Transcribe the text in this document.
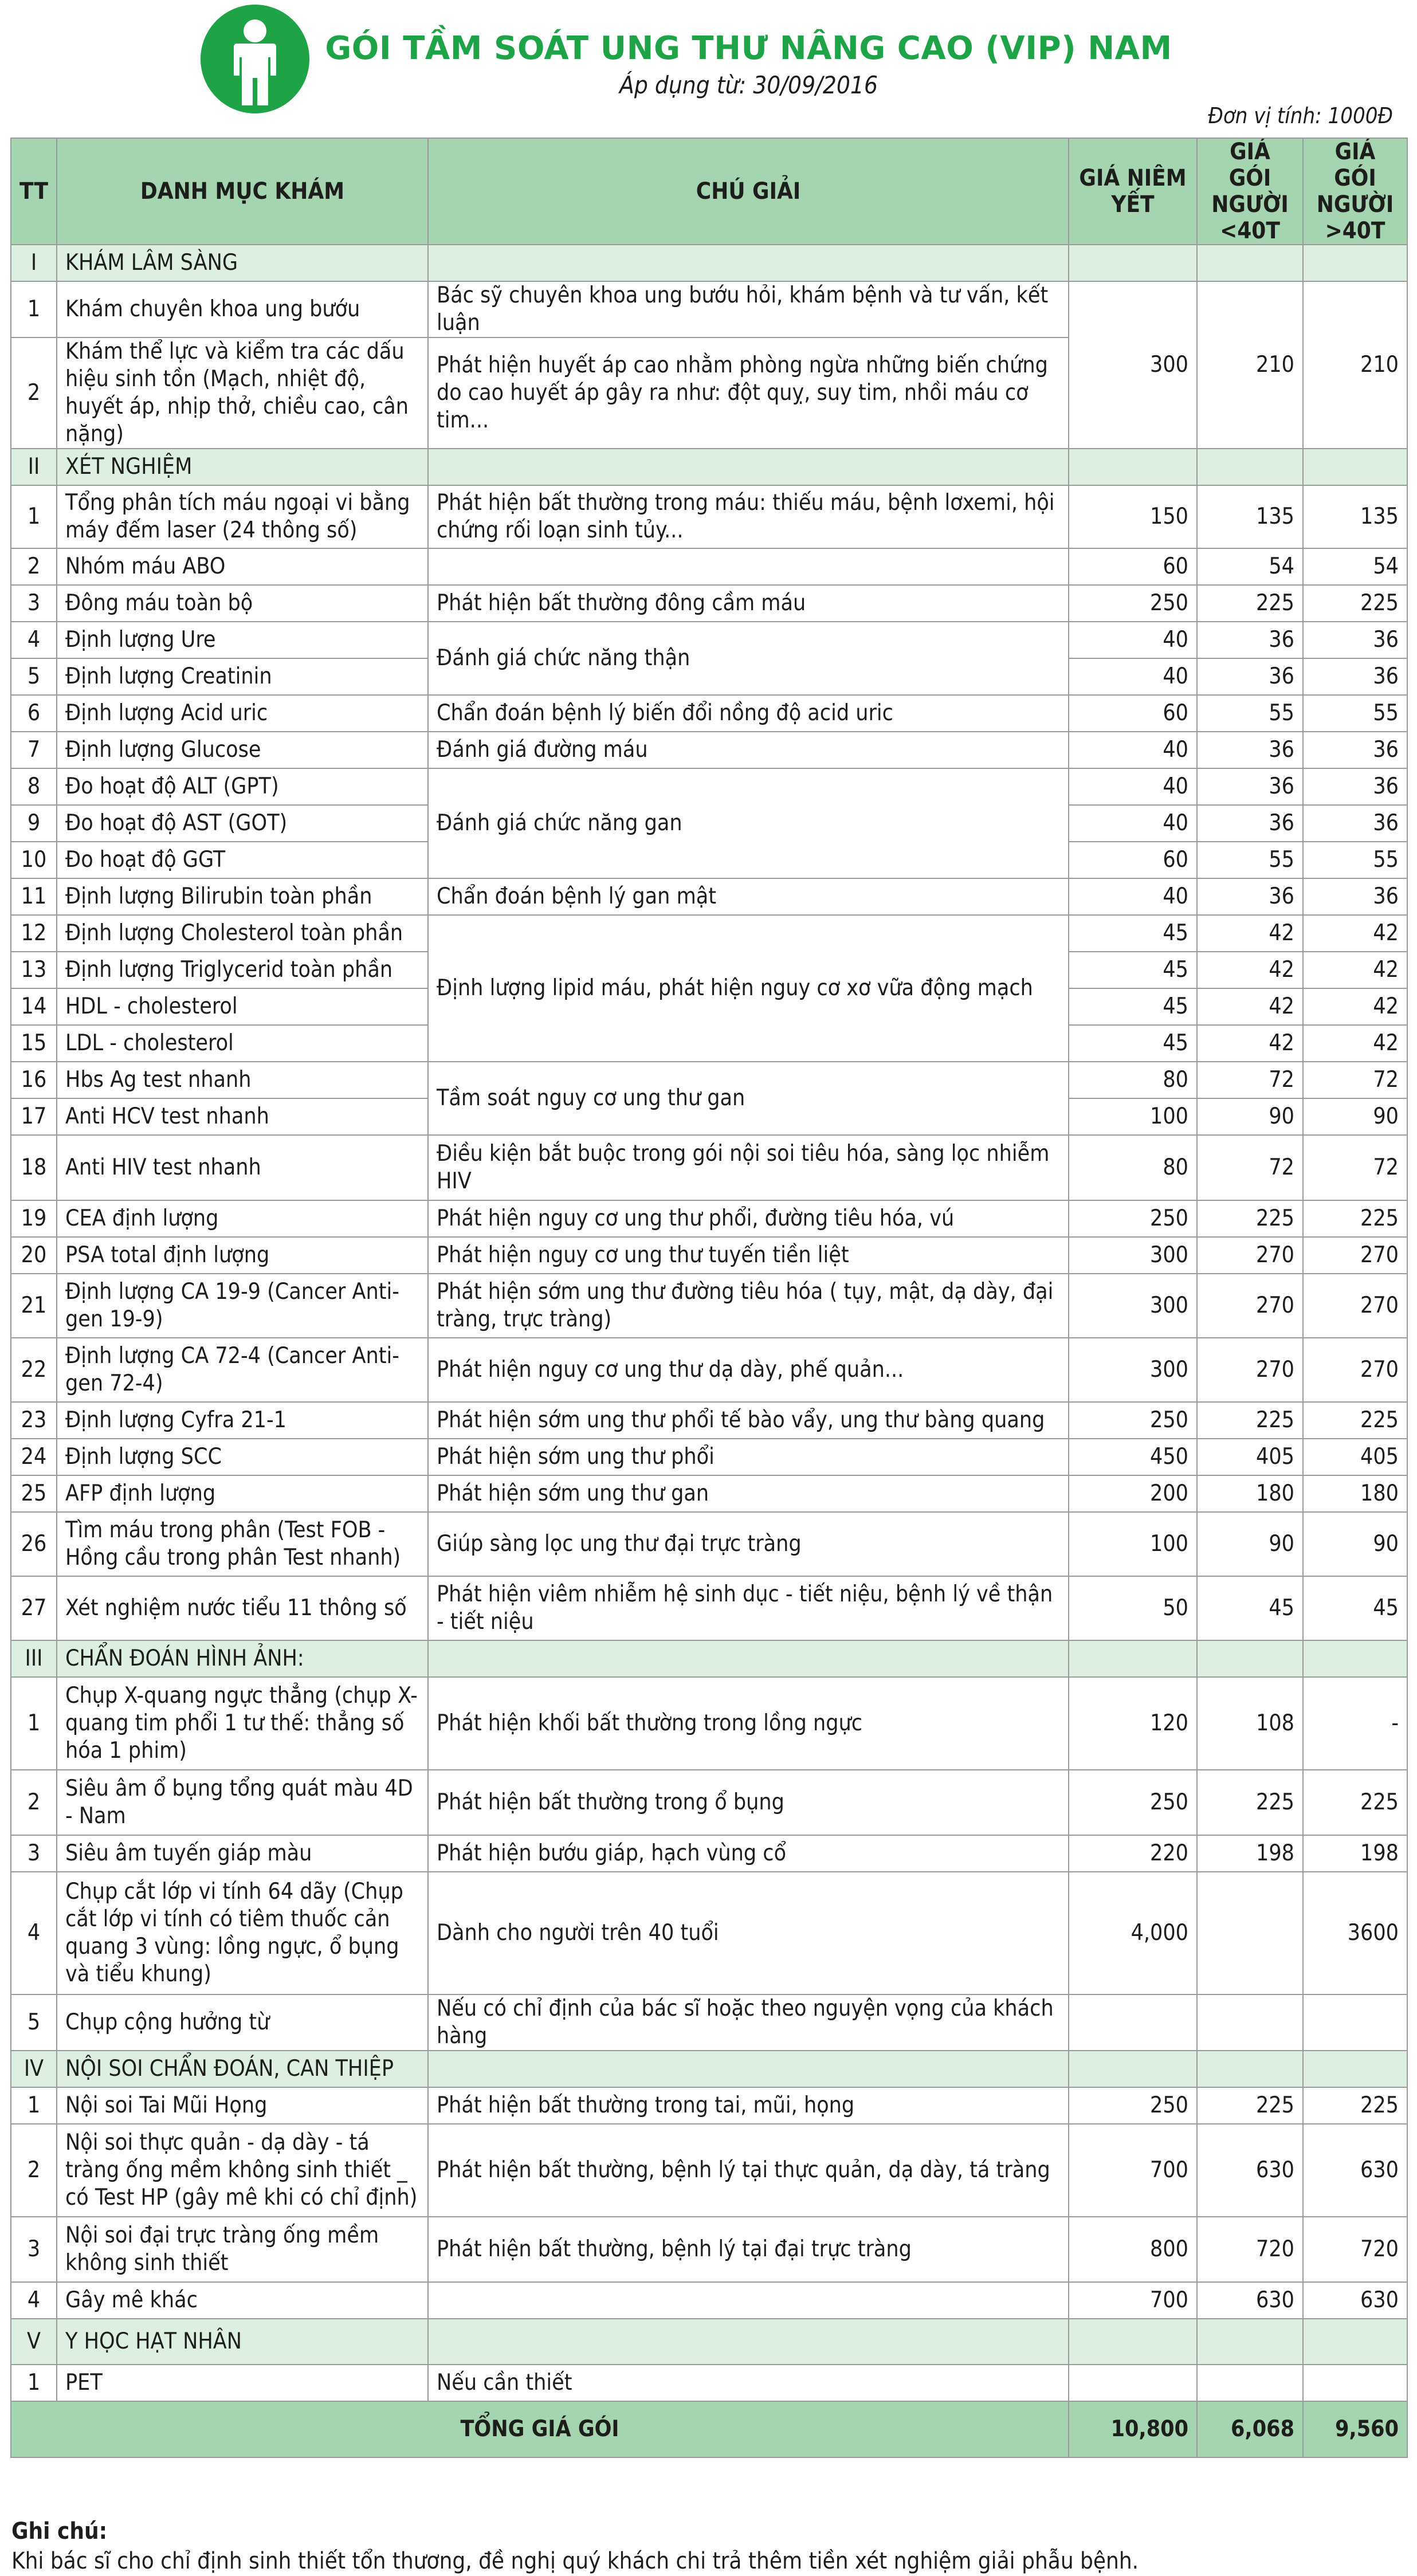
GÓI TẦM SOÁT UNG THƯ NÂNG CAO (VIP) NAM
Áp dụng từ: 30/09/2016
Đơn vị tính: 1000Đ
TT	DANH MỤC KHÁM	CHÚ GIẢI	GIÁ NIÊM YẾT	GIÁ GÓI NGƯỜI <40T	GIÁ GÓI NGƯỜI >40T
I	KHÁM LÂM SÀNG				
1	Khám chuyên khoa ung bướu	Bác sỹ chuyên khoa ung bướu hỏi, khám bệnh và tư vấn, kết luận	300	210	210
2	Khám thể lực và kiểm tra các dấu hiệu sinh tồn (Mạch, nhiệt độ, huyết áp, nhịp thở, chiều cao, cân nặng)	Phát hiện huyết áp cao nhằm phòng ngừa những biến chứng do cao huyết áp gây ra như: đột quỵ, suy tim, nhồi máu cơ tim...			
II	XÉT NGHIỆM				
1	Tổng phân tích máu ngoại vi bằng máy đếm laser (24 thông số)	Phát hiện bất thường trong máu: thiếu máu, bệnh lơxemi, hội chứng rối loạn sinh tủy...	150	135	135
2	Nhóm máu ABO		60	54	54
3	Đông máu toàn bộ	Phát hiện bất thường đông cầm máu	250	225	225
4	Định lượng Ure	Đánh giá chức năng thận	40	36	36
5	Định lượng Creatinin		40	36	36
6	Định lượng Acid uric	Chẩn đoán bệnh lý biến đổi nồng độ acid uric	60	55	55
7	Định lượng Glucose	Đánh giá đường máu	40	36	36
8	Đo hoạt độ ALT (GPT)	Đánh giá chức năng gan	40	36	36
9	Đo hoạt độ AST (GOT)		40	36	36
10	Đo hoạt độ GGT		60	55	55
11	Định lượng Bilirubin toàn phần	Chẩn đoán bệnh lý gan mật	40	36	36
12	Định lượng Cholesterol toàn phần	Định lượng lipid máu, phát hiện nguy cơ xơ vữa động mạch	45	42	42
13	Định lượng Triglycerid toàn phần		45	42	42
14	HDL - cholesterol		45	42	42
15	LDL - cholesterol		45	42	42
16	Hbs Ag test nhanh	Tầm soát nguy cơ ung thư gan	80	72	72
17	Anti HCV test nhanh		100	90	90
18	Anti HIV test nhanh	Điều kiện bắt buộc trong gói nội soi tiêu hóa, sàng lọc nhiễm HIV	80	72	72
19	CEA định lượng	Phát hiện nguy cơ ung thư phổi, đường tiêu hóa, vú	250	225	225
20	PSA total định lượng	Phát hiện nguy cơ ung thư tuyến tiền liệt	300	270	270
21	Định lượng CA 19-9 (Cancer Anti-gen 19-9)	Phát hiện sớm ung thư đường tiêu hóa ( tụy, mật, dạ dày, đại tràng, trực tràng)	300	270	270
22	Định lượng CA 72-4 (Cancer Anti-gen 72-4)	Phát hiện nguy cơ ung thư dạ dày, phế quản...	300	270	270
23	Định lượng Cyfra 21-1	Phát hiện sớm ung thư phổi tế bào vẩy, ung thư bàng quang	250	225	225
24	Định lượng SCC	Phát hiện sớm ung thư phổi	450	405	405
25	AFP định lượng	Phát hiện sớm ung thư gan	200	180	180
26	Tìm máu trong phân (Test FOB - Hồng cầu trong phân Test nhanh)	Giúp sàng lọc ung thư đại trực tràng	100	90	90
27	Xét nghiệm nước tiểu 11 thông số	Phát hiện viêm nhiễm hệ sinh dục - tiết niệu, bệnh lý về thận - tiết niệu	50	45	45
III	CHẨN ĐOÁN HÌNH ẢNH:				
1	Chụp X-quang ngực thẳng (chụp X-quang tim phổi 1 tư thế: thẳng số hóa 1 phim)	Phát hiện khối bất thường trong lồng ngực	120	108	-
2	Siêu âm ổ bụng tổng quát màu 4D - Nam	Phát hiện bất thường trong ổ bụng	250	225	225
3	Siêu âm tuyến giáp màu	Phát hiện bướu giáp, hạch vùng cổ	220	198	198
4	Chụp cắt lớp vi tính 64 dãy (Chụp cắt lớp vi tính có tiêm thuốc cản quang 3 vùng: lồng ngực, ổ bụng và tiểu khung)	Dành cho người trên 40 tuổi	4,000		3600
5	Chụp cộng hưởng từ	Nếu có chỉ định của bác sĩ hoặc theo nguyện vọng của khách hàng			
IV	NỘI SOI CHẨN ĐOÁN, CAN THIỆP				
1	Nội soi Tai Mũi Họng	Phát hiện bất thường trong tai, mũi, họng	250	225	225
2	Nội soi thực quản - dạ dày - tá tràng ống mềm không sinh thiết _ có Test HP (gây mê khi có chỉ định)	Phát hiện bất thường, bệnh lý tại thực quản, dạ dày, tá tràng	700	630	630
3	Nội soi đại trực tràng ống mềm không sinh thiết	Phát hiện bất thường, bệnh lý tại đại trực tràng	800	720	720
4	Gây mê khác		700	630	630
V	Y HỌC HẠT NHÂN				
1	PET	Nếu cần thiết			
TỔNG GIÁ GÓI			10,800	6,068	9,560
Ghi chú:
Khi bác sĩ cho chỉ định sinh thiết tổn thương, đề nghị quý khách chi trả thêm tiền xét nghiệm giải phẫu bệnh.
